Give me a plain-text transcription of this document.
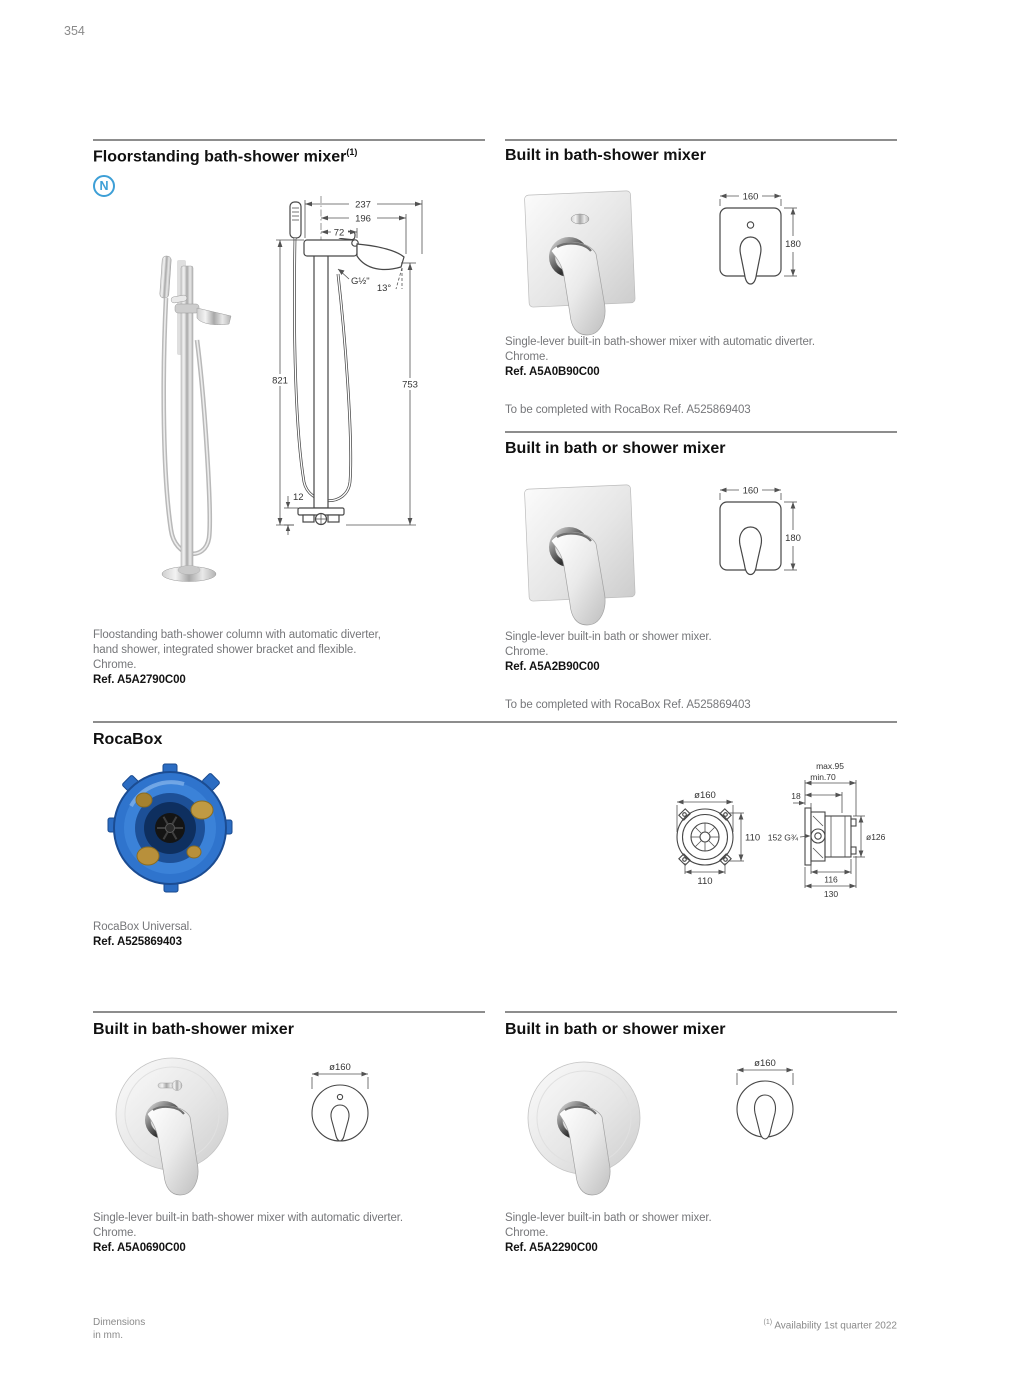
354
Floorstanding bath-shower mixer$^{(1)}$
N
237
196
72
G½"
13°
821	753
12
Floostanding bath-shower column with automatic diverter,
hand shower, integrated shower bracket and flexible.
Chrome.
Ref. A5A2790C00
Built in bath-shower mixer
160
180
Single-lever built-in bath-shower mixer with automatic diverter.
Chrome.
Ref. A5A0B90C00
To be completed with RocaBox Ref. A525869403
Built in bath or shower mixer
160
180
Single-lever built-in bath or shower mixer.
Chrome.
Ref. A5A2B90C00
To be completed with RocaBox Ref. A525869403
RocaBox
ø160
110
110
max.95
min.70
18
152 G¾	ø126
116
130
RocaBox Universal.
Ref. A525869403
Built in bath-shower mixer
ø160
Single-lever built-in bath-shower mixer with automatic diverter.
Chrome.
Ref. A5A0690C00
Built in bath or shower mixer
ø160
Single-lever built-in bath or shower mixer.
Chrome.
Ref. A5A2290C00
Dimensions
in mm.
$^{(1)}$ Availability 1st quarter 2022
